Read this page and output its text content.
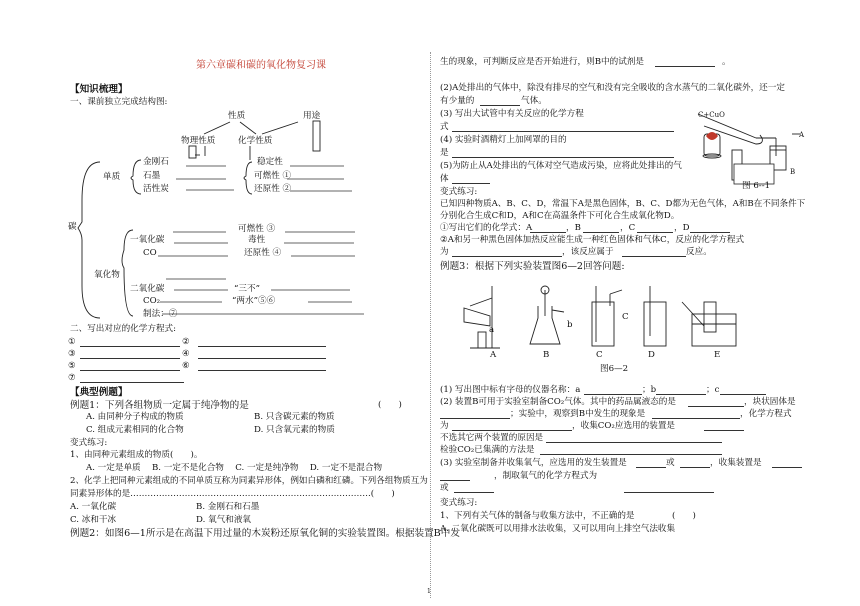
第六章碳和碳的氧化物复习课
【知识梳理】
一、课前独立完成结构图:
性质	用途
物理性质	化学性质
金刚石
石墨
活性炭
稳定性
可燃性 ①
还原性 ②
单质
碳	可燃性 ③
一氧化碳	毒性
CO	还原性 ④
氧化物
二氧化碳	“三不”
CO₂	“两水”⑤⑥
制法：⑦
二、写出对应的化学方程式:
①	②
③	④
⑤	⑥
⑦
【典型例题】
例题1：下列各组物质一定属于纯净物的是	(　　)
A. 由同种分子构成的物质	B. 只含碳元素的物质
C. 组成元素相同的化合物	D. 只含氧元素的物质
变式练习:
1、由同种元素组成的物质(　　)。
A. 一定是单质　 B. 一定不是化合物　 C. 一定是纯净物　 D. 一定不是混合物
2、化学上把同种元素组成的不同单质互称为同素异形体，例如白磷和红磷。下列各组物质互为
同素异形体的是…………………………………………………………………………(　　)
A. 一氧化碳	B. 金刚石和石墨
C. 冰和干冰	D. 氧气和液氧
例题2：如图6—1所示是在高温下用过量的木炭粉还原氧化铜的实验装置图。根据装置B中发
生的现象，可判断反应是否开始进行，则B中的试剂是	。
(2)A处排出的气体中，除没有排尽的空气和没有完全吸收的含水蒸气的二氧化碳外，还一定
有少量的	气体。
(3) 写出大试管中有关反应的化学方程
式
(4) 实验时酒精灯上加网罩的目的
是
(5)为防止从A处排出的气体对空气造成污染，应将此处排出的气
体
C+CuO
A
B
图 6--1
变式练习:
已知四种物质A、B、C、D，常温下A是黑色固体，B、C、D都为无色气体，A和B在不同条件下
分别化合生成C和D，A和C在高温条件下可化合生成氧化物D。
①写出它们的化学式：A	，B	，C	，D
②A和另一种黑色固体加热反应能生成一种红色固体和气体C，反应的化学方程式
为	，该反应属于	反应。
例题3：根据下列实验装置图6—2回答问题:
a	b
C
A	B	C	D	E
图6—2
(1) 写出图中标有字母的仪器名称：a	；b	；c
(2) 装置B可用于实验室制备CO₂气体。其中的药品属液态的是	，块状固体是
；实验中，观察到B中发生的现象是	，化学方程式
为	，收集CO₂应选用的装置是
不选其它两个装置的原因是
检验CO₂已集满的方法是
(3) 实验室制备并收集氧气，应选用的发生装置是	或	，收集装置是
或
，制取氧气的化学方程式为
变式练习:
1、下列有关气体的制备与收集方法中，不正确的是	(　　)
A. 二氧化碳既可以用排水法收集，又可以用向上排空气法收集
1
